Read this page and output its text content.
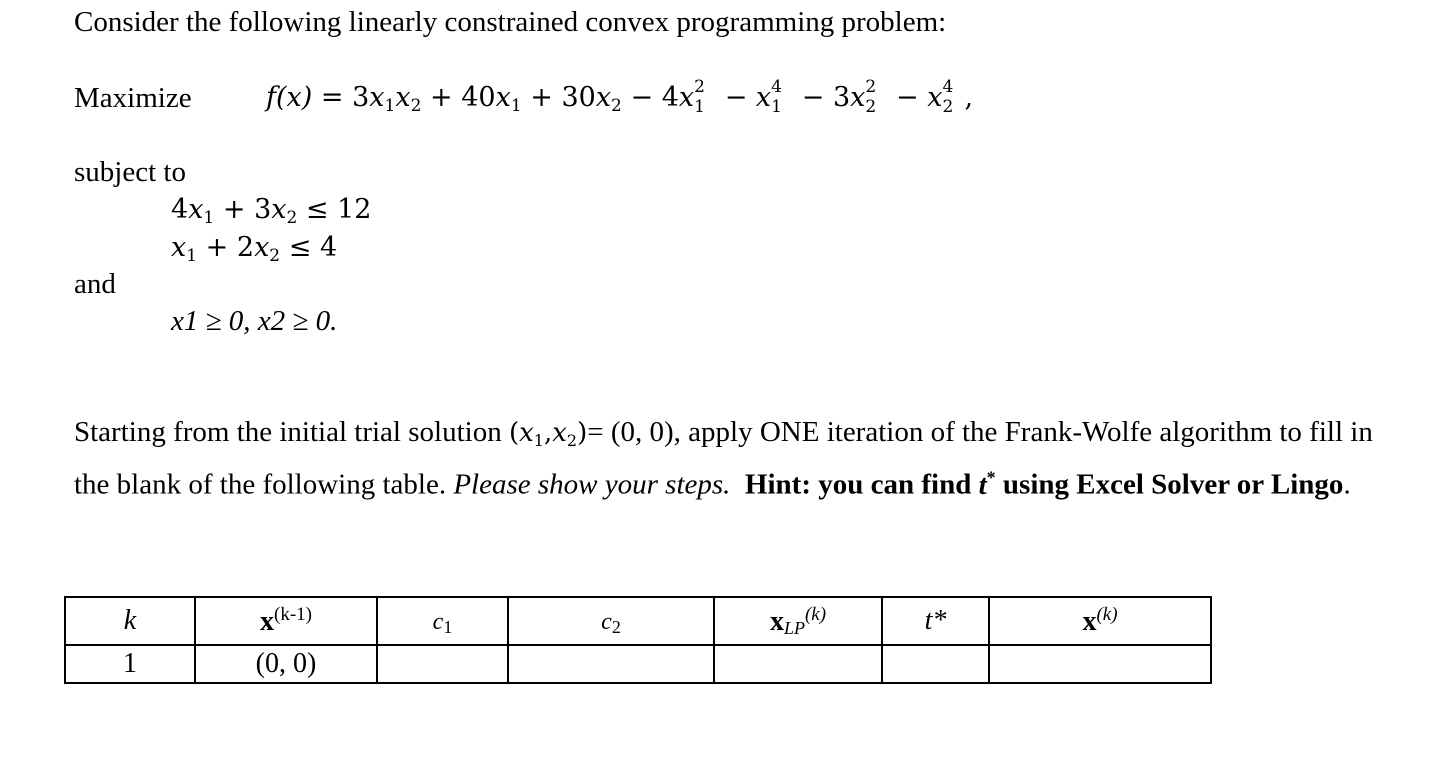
Consider the following linearly constrained convex programming problem:
Maximize	$f(x) = 3x_1x_2 + 40x_1 + 30x_2 - 4x$ 2
1 − x 4
1 − 3x 2
2 − x 4
2 ,
subject to
$4x_1 + 3x_2 \le 12$
$x_1 + 2x_2 \le 4$
and
x1 ≥ 0, x2 ≥ 0.
Starting from the initial trial solution $(x_1,x_2)= (0$, 0), apply ONE iteration of the Frank-Wolfe algorithm to fill in the blank of the following table. Please show your steps. Hint: you can find t* using Excel Solver or Lingo.
k	$x^{(k-1)}$	c1	c2	xLP$^{(k)}$	t*	$x^{(k)}$
1	(0, 0)					
